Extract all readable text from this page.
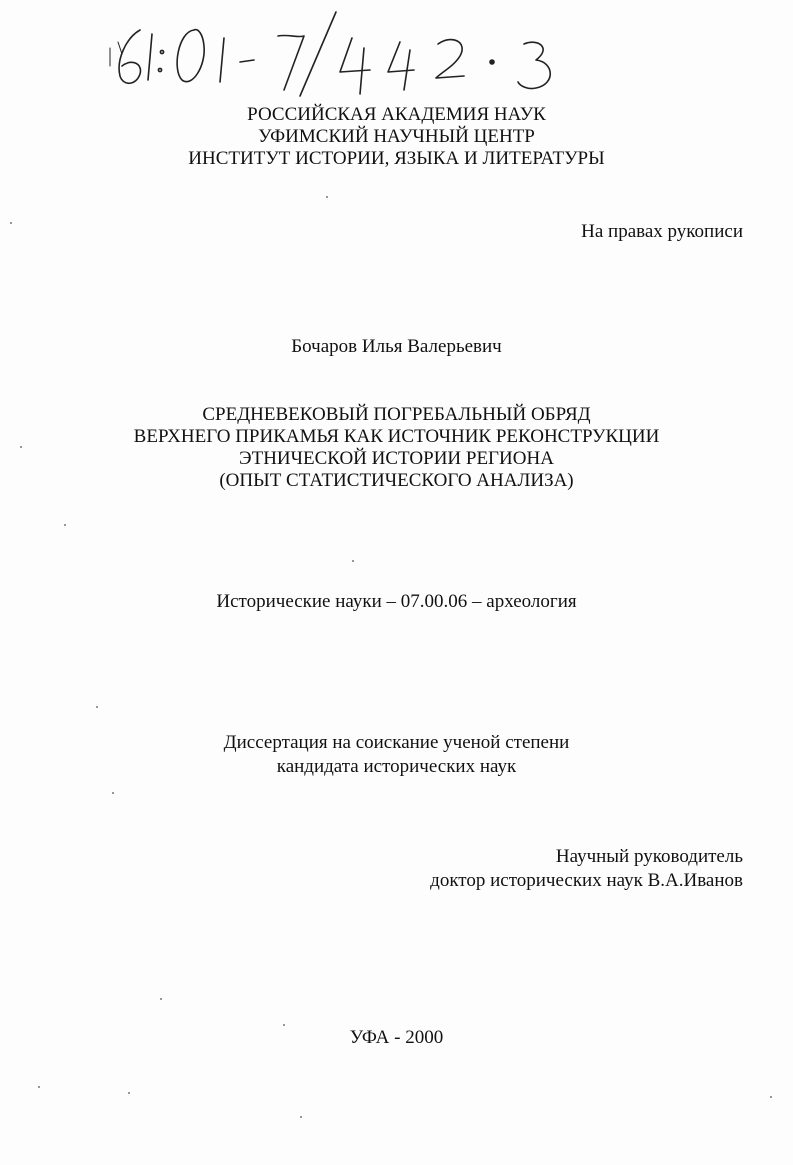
РОССИЙСКАЯ АКАДЕМИЯ НАУК
УФИМСКИЙ НАУЧНЫЙ ЦЕНТР
ИНСТИТУТ ИСТОРИИ, ЯЗЫКА И ЛИТЕРАТУРЫ
На правах рукописи
Бочаров Илья Валерьевич
СРЕДНЕВЕКОВЫЙ ПОГРЕБАЛЬНЫЙ ОБРЯД
ВЕРХНЕГО ПРИКАМЬЯ КАК ИСТОЧНИК РЕКОНСТРУКЦИИ
ЭТНИЧЕСКОЙ ИСТОРИИ РЕГИОНА
(ОПЫТ СТАТИСТИЧЕСКОГО АНАЛИЗА)
Исторические науки – 07.00.06 – археология
Диссертация на соискание ученой степени
кандидата исторических наук
Научный руководитель
доктор исторических наук В.А.Иванов
УФА - 2000
